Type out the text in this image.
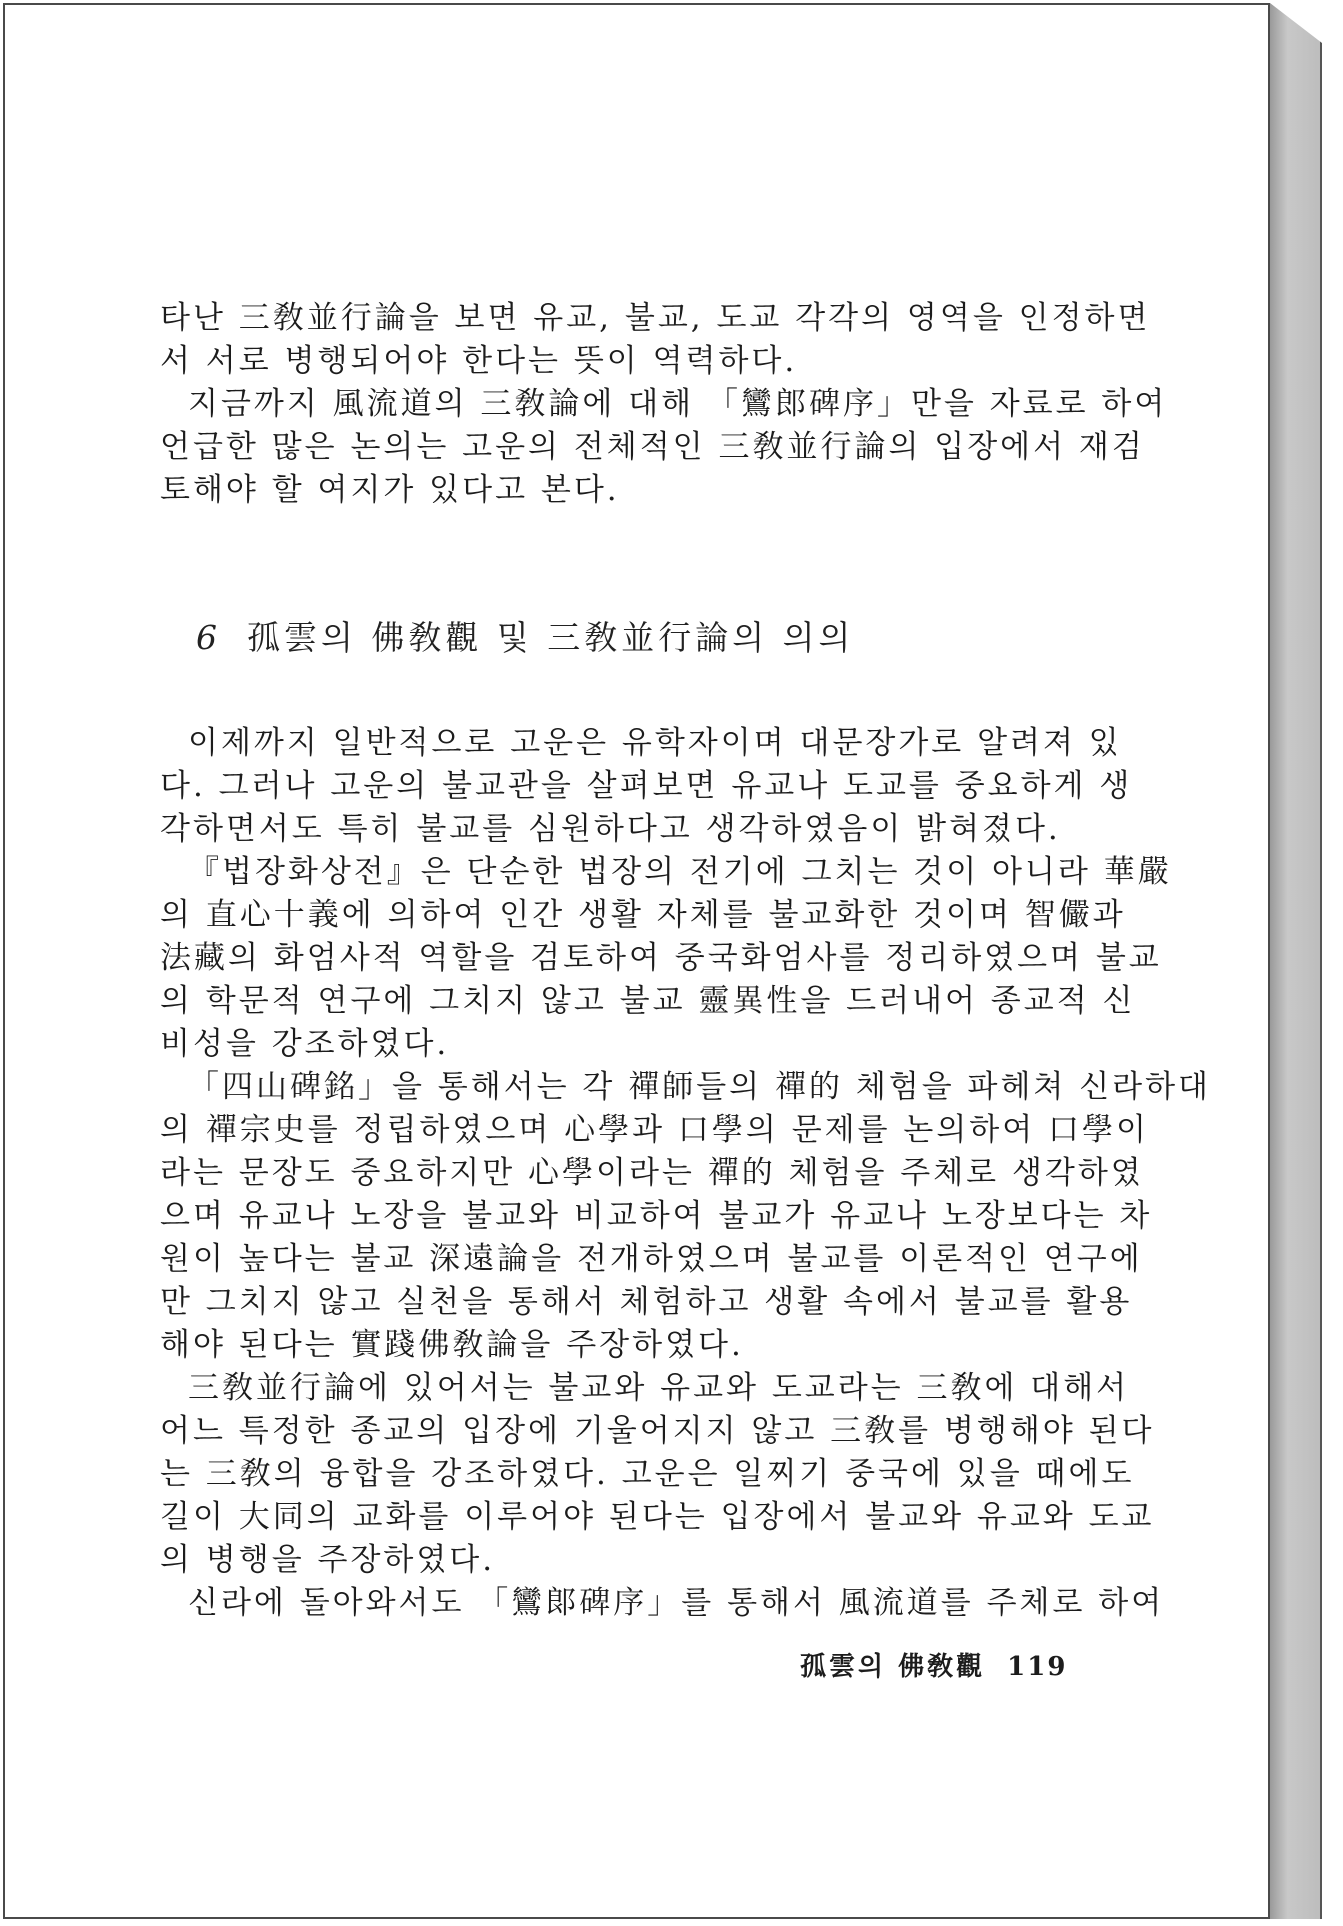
타난 三敎並行論을 보면 유교, 불교, 도교 각각의 영역을 인정하면
서 서로 병행되어야 한다는 뜻이 역력하다.
지금까지 風流道의 三敎論에 대해 「鸞郎碑序」만을 자료로 하여
언급한 많은 논의는 고운의 전체적인 三敎並行論의 입장에서 재검
토해야 할 여지가 있다고 본다.
6 孤雲의 佛敎觀 및 三敎並行論의 의의
이제까지 일반적으로 고운은 유학자이며 대문장가로 알려져 있
다. 그러나 고운의 불교관을 살펴보면 유교나 도교를 중요하게 생
각하면서도 특히 불교를 심원하다고 생각하였음이 밝혀졌다.
『법장화상전』은 단순한 법장의 전기에 그치는 것이 아니라 華嚴
의 直心十義에 의하여 인간 생활 자체를 불교화한 것이며 智儼과
法藏의 화엄사적 역할을 검토하여 중국화엄사를 정리하였으며 불교
의 학문적 연구에 그치지 않고 불교 靈異性을 드러내어 종교적 신
비성을 강조하였다.
「四山碑銘」을 통해서는 각 禪師들의 禪的 체험을 파헤쳐 신라하대
의 禪宗史를 정립하였으며 心學과 口學의 문제를 논의하여 口學이
라는 문장도 중요하지만 心學이라는 禪的 체험을 주체로 생각하였
으며 유교나 노장을 불교와 비교하여 불교가 유교나 노장보다는 차
원이 높다는 불교 深遠論을 전개하였으며 불교를 이론적인 연구에
만 그치지 않고 실천을 통해서 체험하고 생활 속에서 불교를 활용
해야 된다는 實踐佛敎論을 주장하였다.
三敎並行論에 있어서는 불교와 유교와 도교라는 三敎에 대해서
어느 특정한 종교의 입장에 기울어지지 않고 三敎를 병행해야 된다
는 三敎의 융합을 강조하였다. 고운은 일찌기 중국에 있을 때에도
길이 大同의 교화를 이루어야 된다는 입장에서 불교와 유교와 도교
의 병행을 주장하였다.
신라에 돌아와서도 「鸞郞碑序」를 통해서 風流道를 주체로 하여
孤雲의 佛敎觀 119
